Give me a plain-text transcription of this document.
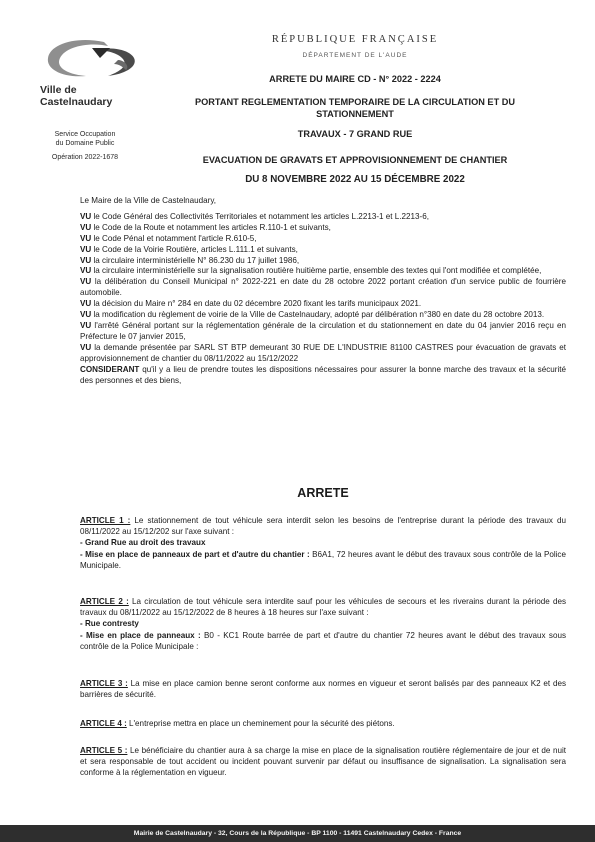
Ville de Castelnaudary
Service Occupation
du Domaine Public
Opération 2022-1678
RÉPUBLIQUE FRANÇAISE
DÉPARTEMENT DE L'AUDE
ARRETE DU MAIRE CD - N° 2022 - 2224
PORTANT REGLEMENTATION TEMPORAIRE DE LA CIRCULATION ET DU
STATIONNEMENT
TRAVAUX - 7 GRAND RUE
EVACUATION DE GRAVATS ET APPROVISIONNEMENT DE CHANTIER
DU 8 NOVEMBRE 2022 AU 15 DÉCEMBRE 2022

Le Maire de la Ville de Castelnaudary,

VU le Code Général des Collectivités Territoriales et notamment les articles L.2213-1 et L.2213-6,

VU le Code de la Route et notamment les articles R.110-1 et suivants,

VU le Code Pénal et notamment l'article R.610-5,

VU le Code de la Voirie Routière, articles L.111.1 et suivants,

VU la circulaire interministérielle N° 86.230 du 17 juillet 1986,

VU la circulaire interministérielle sur la signalisation routière huitième partie, ensemble des textes qui l'ont modifiée et complétée,

VU la délibération du Conseil Municipal n° 2022-221 en date du 28 octobre 2022 portant création d'un service public de fourrière automobile.

VU la décision du Maire n° 284 en date du 02 décembre 2020 fixant les tarifs municipaux 2021.

VU la modification du règlement de voirie de la Ville de Castelnaudary, adopté par délibération n°380 en date du 28 octobre 2013.

VU l'arrêté Général portant sur la réglementation générale de la circulation et du stationnement en date du 04 janvier 2016 reçu en Préfecture le 07 janvier 2015,

VU la demande présentée par SARL ST BTP demeurant 30 RUE DE L'INDUSTRIE 81100 CASTRES pour évacuation de gravats et approvisionnement de chantier du 08/11/2022 au 15/12/2022

CONSIDERANT qu'il y a lieu de prendre toutes les dispositions nécessaires pour assurer la bonne marche des travaux et la sécurité des personnes et des biens,

ARRETE

ARTICLE 1 : Le stationnement de tout véhicule sera interdit selon les besoins de l'entreprise durant la période des travaux du 08/11/2022 au 15/12/202 sur l'axe suivant :

- Grand Rue au droit des travaux

- Mise en place de panneaux de part et d'autre du chantier : B6A1, 72 heures avant le début des travaux sous contrôle de la Police Municipale.

ARTICLE 2 : La circulation de tout véhicule sera interdite sauf pour les véhicules de secours et les riverains durant la période des travaux du 08/11/2022 au 15/12/2022 de 8 heures à 18 heures sur l'axe suivant :

- Rue contresty

- Mise en place de panneaux : B0 - KC1 Route barrée de part et d'autre du chantier 72 heures avant le début des travaux sous contrôle de la Police Municipale :

ARTICLE 3 : La mise en place camion benne seront conforme aux normes en vigueur et seront balisés par des panneaux K2 et des barrières de sécurité.

ARTICLE 4 : L'entreprise mettra en place un cheminement pour la sécurité des piétons.

ARTICLE 5 : Le bénéficiaire du chantier aura à sa charge la mise en place de la signalisation routière réglementaire de jour et de nuit et sera responsable de tout accident ou incident pouvant survenir par défaut ou insuffisance de signalisation. La signalisation sera conforme à la réglementation en vigueur.

Mairie de Castelnaudary - 32, Cours de la République - BP 1100 - 11491 Castelnaudary Cedex - France
